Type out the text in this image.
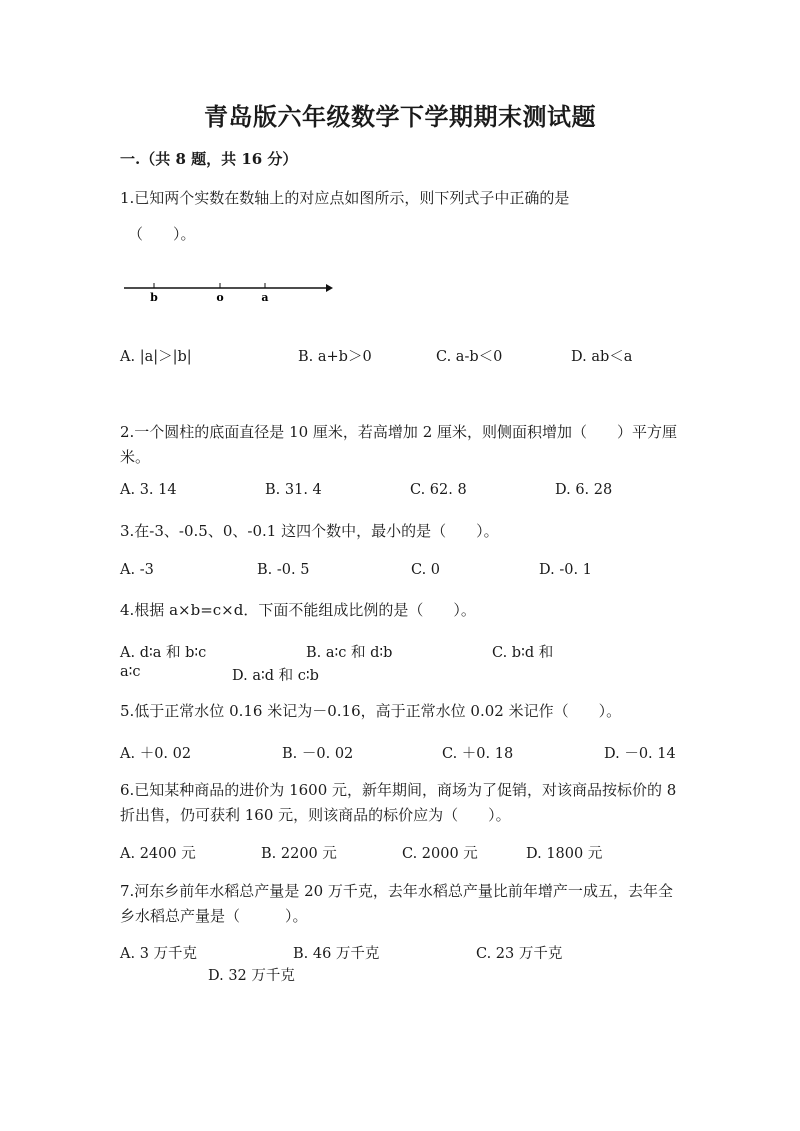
青岛版六年级数学下学期期末测试题
一.（共 8 题，共 16 分）
1.已知两个实数在数轴上的对应点如图所示，则下列式子中正确的是
（　　）。
b	o	a
A. |a|＞|b|	B. a+b＞0	C. a-b＜0	D. ab＜a
2.一个圆柱的底面直径是 10 厘米，若高增加 2 厘米，则侧面积增加（　　）平方厘米。
A. 3. 14	B. 31. 4	C. 62. 8	D. 6. 28
3.在-3、-0.5、0、-0.1 这四个数中，最小的是（　　）。
A. -3	B. -0. 5	C. 0	D. -0. 1
4.根据 a×b=c×d．下面不能组成比例的是（　　）。
A. d∶a 和 b∶c	B. a∶c 和 d∶b	C. b∶d 和
a∶c	D. a∶d 和 c∶b
5.低于正常水位 0.16 米记为－0.16，高于正常水位 0.02 米记作（　　）。
A. ＋0. 02	B. －0. 02	C. ＋0. 18	D. －0. 14
6.已知某种商品的进价为 1600 元，新年期间，商场为了促销，对该商品按标价的 8 折出售，仍可获利 160 元，则该商品的标价应为（　　）。
A. 2400 元	B. 2200 元	C. 2000 元	D. 1800 元
7.河东乡前年水稻总产量是 20 万千克，去年水稻总产量比前年增产一成五，去年全乡水稻总产量是（　　　）。
A. 3 万千克	B. 46 万千克	C. 23 万千克
D. 32 万千克
